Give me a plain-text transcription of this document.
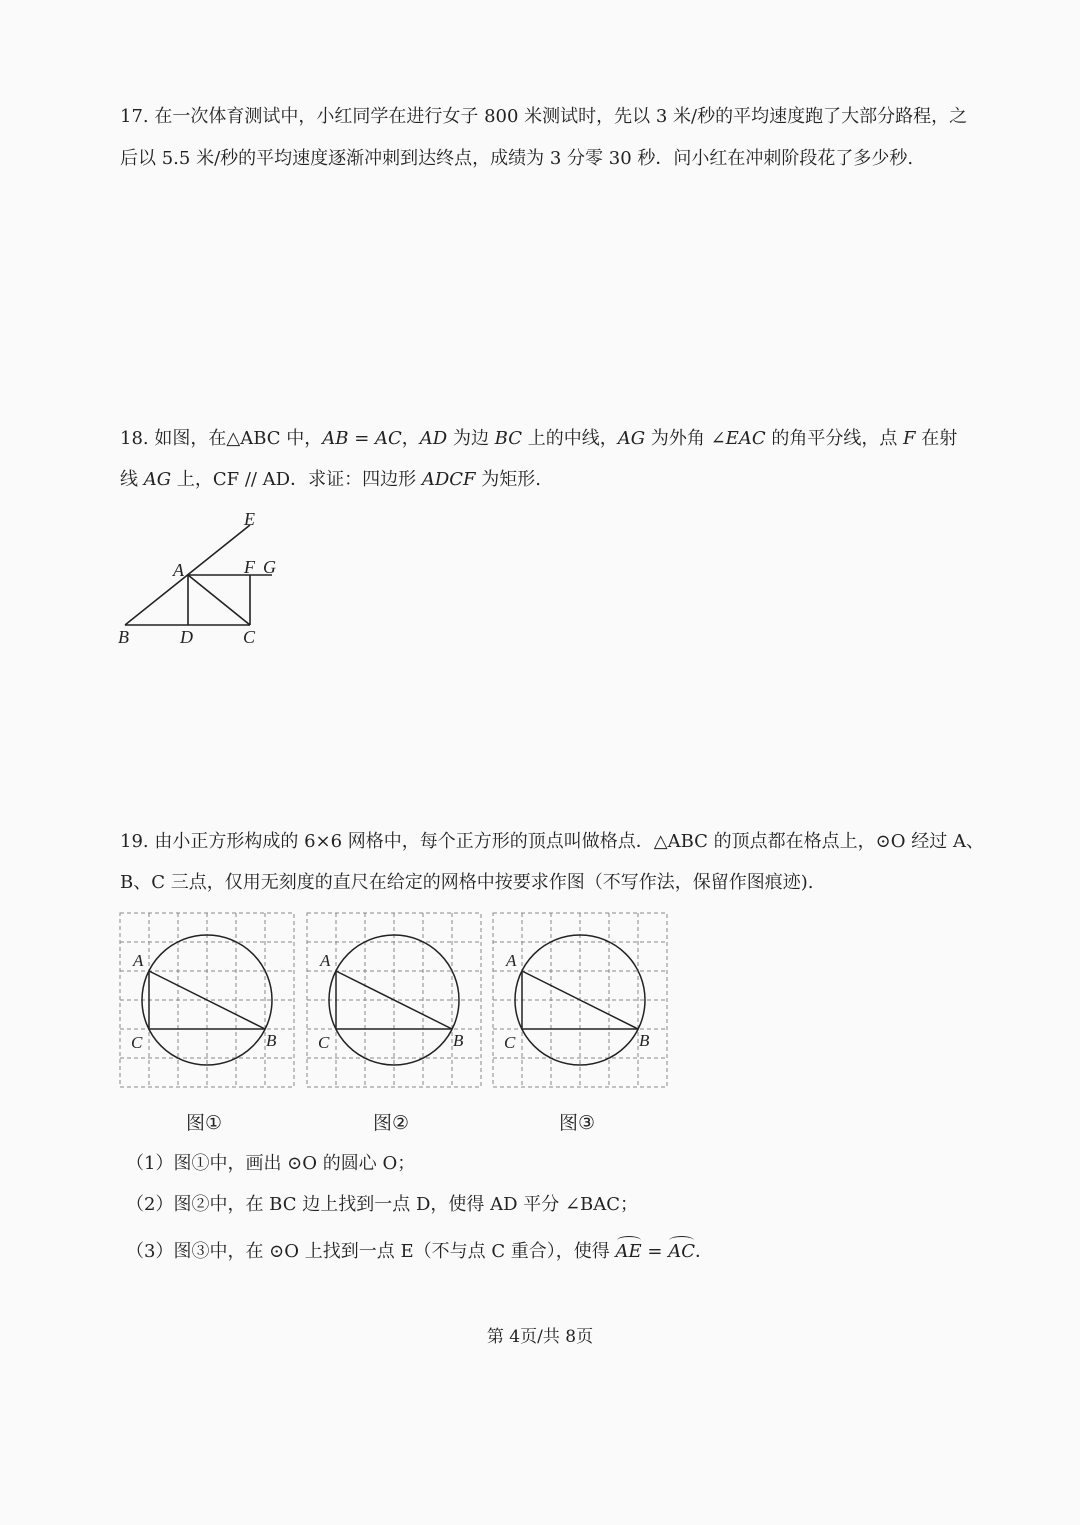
17. 在一次体育测试中，小红同学在进行女子 800 米测试时，先以 3 米/秒的平均速度跑了大部分路程，之
后以 5.5 米/秒的平均速度逐渐冲刺到达终点，成绩为 3 分零 30 秒．问小红在冲刺阶段花了多少秒.
18. 如图，在△ABC 中，AB = AC，AD 为边 BC 上的中线，AG 为外角 ∠EAC 的角平分线，点 F 在射
线 AG 上，CF // AD．求证：四边形 ADCF 为矩形.
E
A	F G
B	D	C
19. 由小正方形构成的 6×6 网格中，每个正方形的顶点叫做格点．△ABC 的顶点都在格点上，⊙O 经过 A、
B、C 三点，仅用无刻度的直尺在给定的网格中按要求作图（不写作法，保留作图痕迹).
A
C	B
A
C	B
A
C	B
图①	图②	图③
（1）图①中，画出 ⊙O 的圆心 O；
（2）图②中，在 BC 边上找到一点 D，使得 AD 平分 ∠BAC；
（3）图③中，在 ⊙O 上找到一点 E（不与点 C 重合），使得 AE = AC．
第 4页/共 8页
